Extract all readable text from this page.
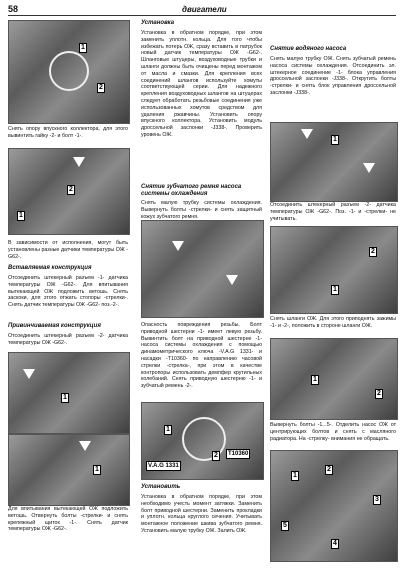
58	двигатели
1
2
Снять опору впускного коллектора, для этого вывинтить гайку -2- и болт -1-.
2
1
В зависимости от исполнения, могут быть установлены разные датчики температуры ОЖ -G62-.
Вставляемая конструкция
Отсоединить штекерный разъем -1- датчика температуры ОЖ -G62-. Для впитывания вытекающей ОЖ подложить ветошь. Снять заскоки, для этого отжать стопоры -стрелки-. Снять датчик температуры ОЖ -G62- поз.-2-.
Привинчиваемая конструкция
Отсоединить штекерный разъем -2- датчика температуры ОЖ -G62-.
1
1
Для впитывания вытекающей ОЖ подложить ветошь. Отвернуть болты -стрелки- и снять крепежный щиток -1-. Снять датчик температуры ОЖ -G62-.
Установка
Установка в обратном порядке, при этом заменить уплотн. кольца. Для того чтобы избежать потерь ОЖ, сразу вставить в патрубок новый датчик температуры ОЖ -G62-. Шланговые штуцеры, воздуховодные трубки и шланги должны быть очищены перед монтажом от масла и смазки. Для крепления всех соединений шлангов используйте хомуты соответствующей серии. Для надежного крепления воздуховодных шлангов на штуцерах следует обработать резьбовые соединения уже использованных хомутов средством для удаления ржавчины. Установить опору впускного коллектора. Установить модуль дроссельной заслонки -J338-. Проверить уровень ОЖ.
Снятие зубчатого ремня насоса системы охлаждения
Снять малую трубку системы охлаждения. Вывернуть болты -стрелки- и снять защитный кожух зубчатого ремня.
Опасность повреждения резьбы. Болт приводной шестерни -1- имеет левую резьбу. Вывинтить болт на приводной шестерне -1- насоса системы охлаждения с помощью динамометрического ключа -V.A.G 1331- и насадки -T10360- по направлению часовой стрелки -стрелка-, при этом в качестве контропоры использовать демпфер крутильных колебаний. Снять приводную шестерню -1- и зубчатый ремень -2-.
1
2
V.A.G 1331
T10360
Установить
Установка в обратном порядке, при этом необходимо учесть момент затяжки. Заменить болт приводной шестерни. Заменить прокладки и уплотн. кольца круглого сечения. Учитывать монтажное положение шкива зубчатого ремня. Установить малую трубку ОЖ. Залить ОЖ.
Снятие водяного насоса
Снять малую трубку ОЖ. Снять зубчатый ремень насоса системы охлаждения. Отсоединить эл. штекерное соединение -1- блока управления дроссельной заслонки -J338-. Открутить болты -стрелки- и снять блок управления дроссельной заслонки -J338-.
1
Отсоединить штекерный разъем -2- датчика температуры ОЖ -G62-. Поз. -1- и -стрелки- не учитывать.
2
1
Снять шланги ОЖ. Для этого приподнять зажимы -1- и -2-, положить в стороне шланги ОЖ.
1
2
Вывернуть болты -1...5-. Отделить насос ОЖ от центрирующих болтов и снять с масляного радиатора. На -стрелку- внимания не обращать.
1
2
3
4
5
